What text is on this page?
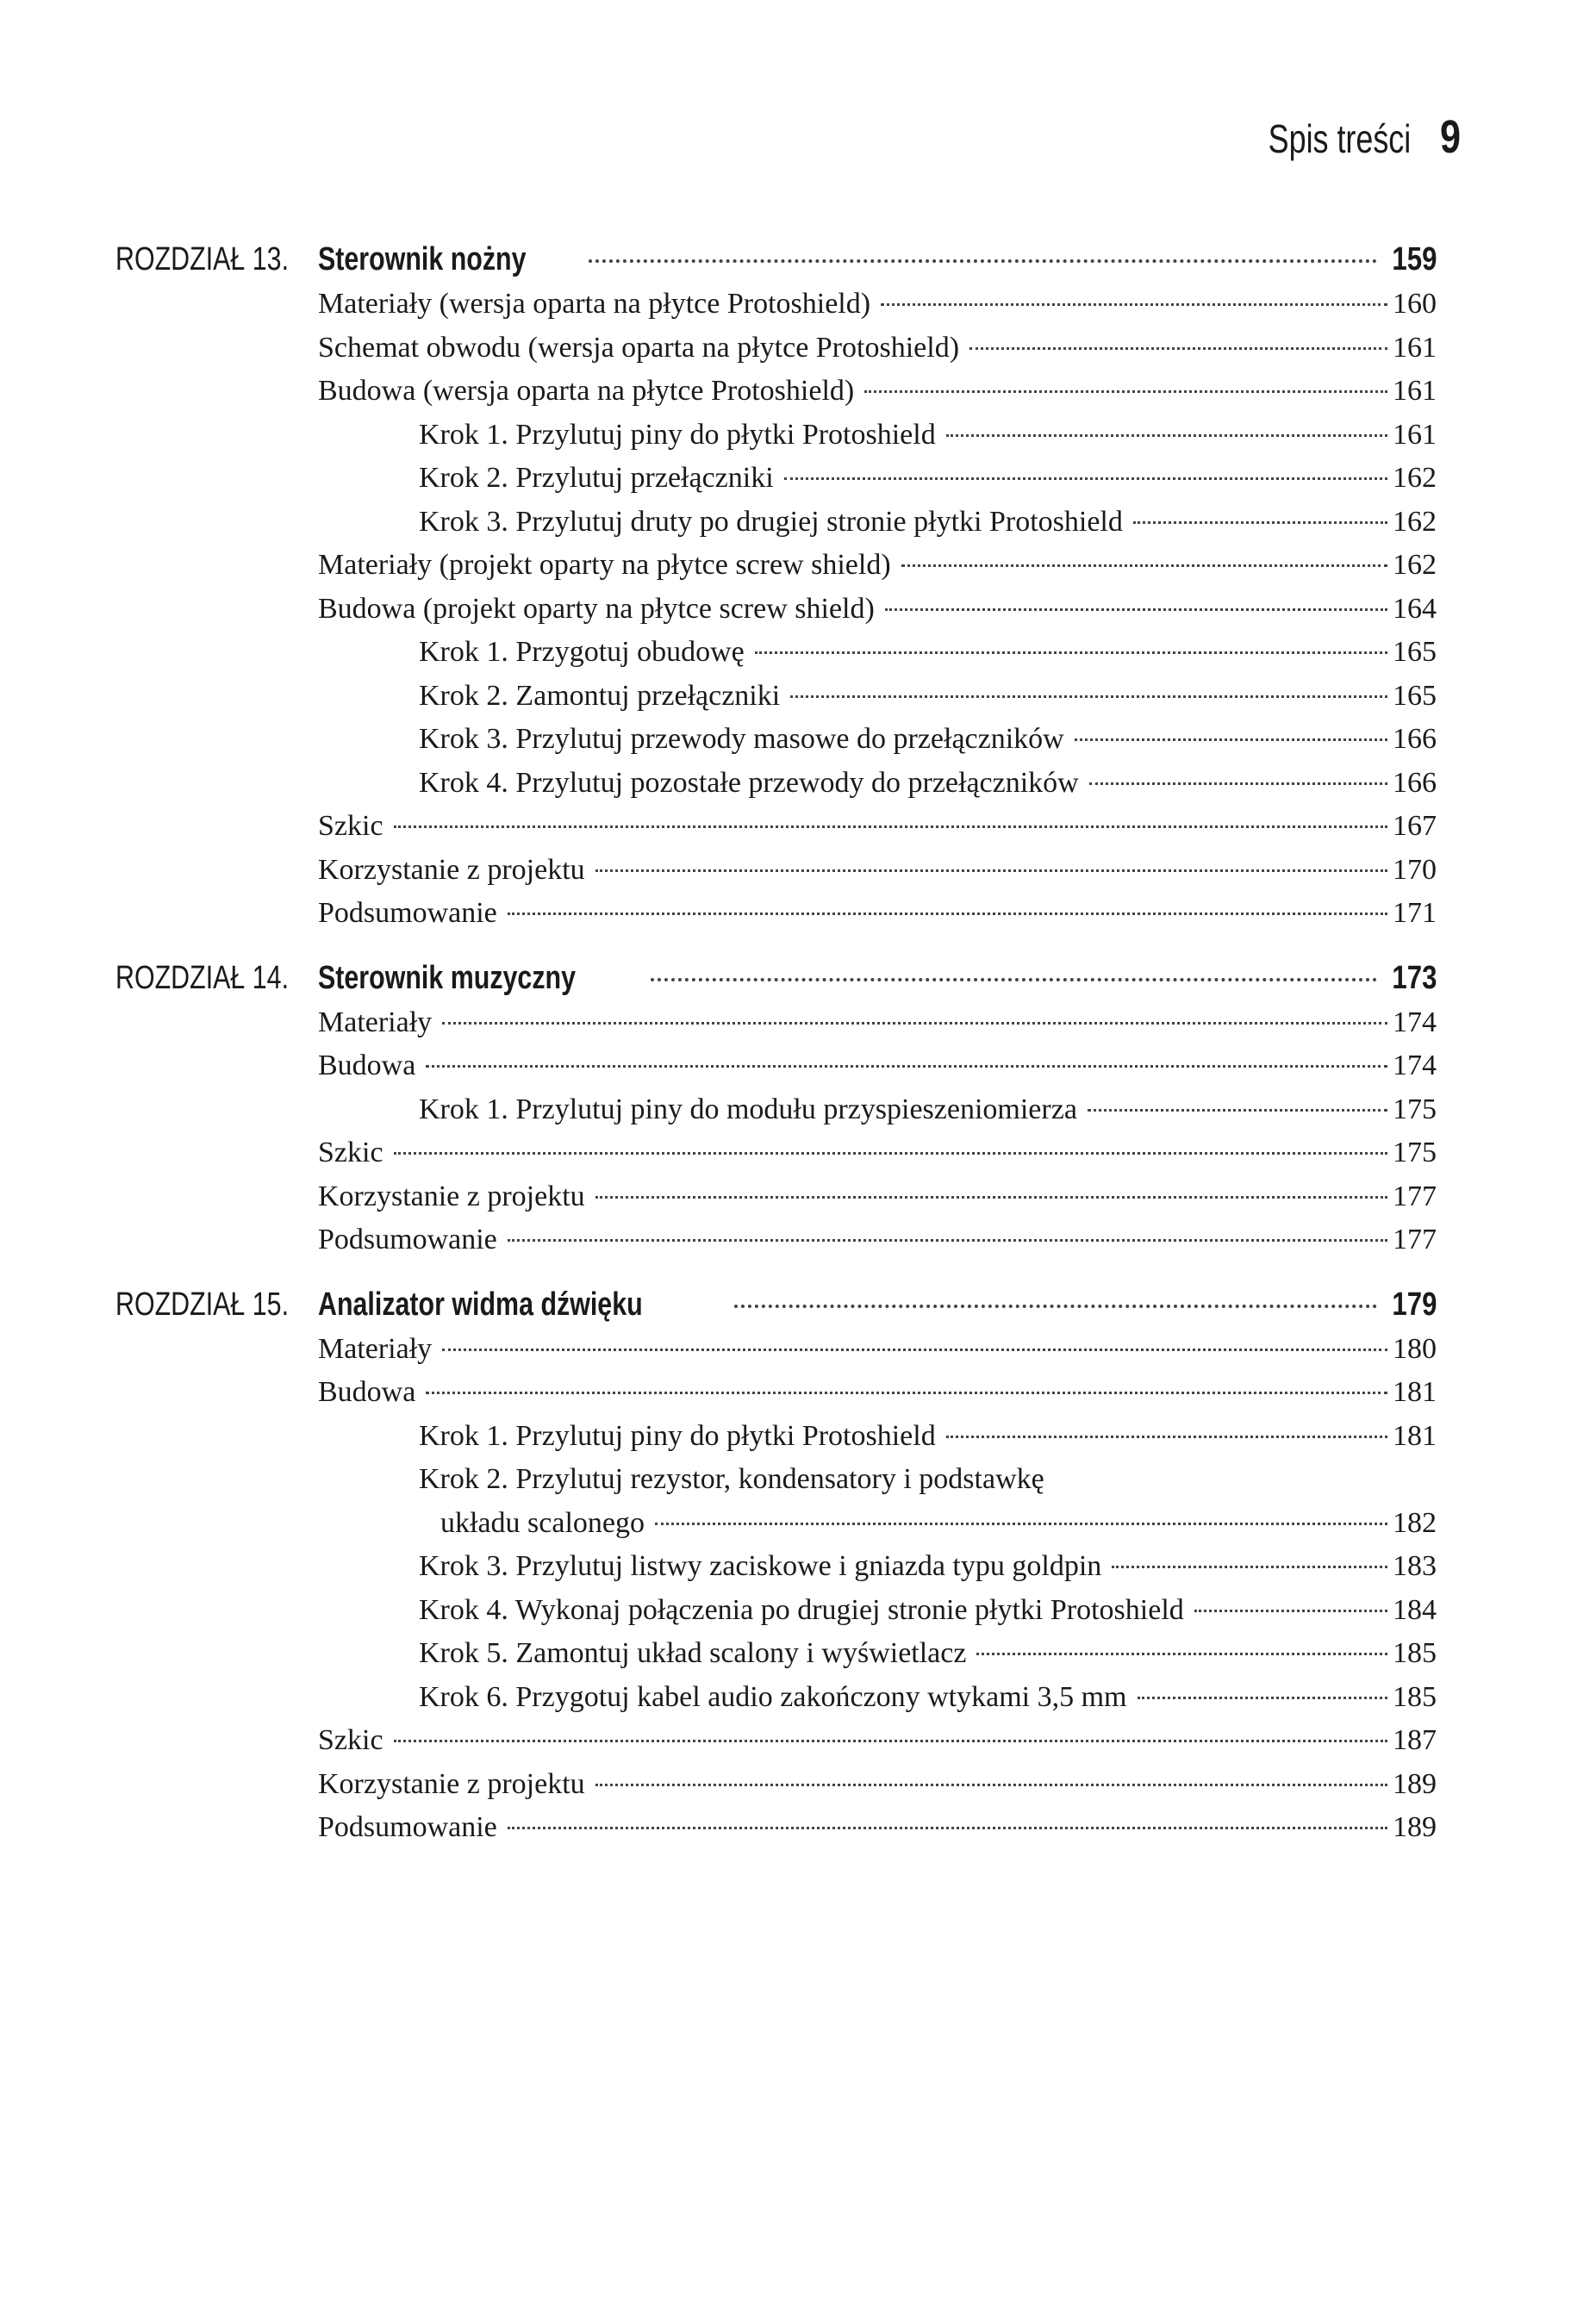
Spis treści 9
ROZDZIAŁ 13. Sterownik nożny	159
Materiały (wersja oparta na płytce Protoshield)	160
Schemat obwodu (wersja oparta na płytce Protoshield)	161
Budowa (wersja oparta na płytce Protoshield)	161
Krok 1. Przylutuj piny do płytki Protoshield	161
Krok 2. Przylutuj przełączniki	162
Krok 3. Przylutuj druty po drugiej stronie płytki Protoshield	162
Materiały (projekt oparty na płytce screw shield)	162
Budowa (projekt oparty na płytce screw shield)	164
Krok 1. Przygotuj obudowę	165
Krok 2. Zamontuj przełączniki	165
Krok 3. Przylutuj przewody masowe do przełączników	166
Krok 4. Przylutuj pozostałe przewody do przełączników	166
Szkic	167
Korzystanie z projektu	170
Podsumowanie	171
ROZDZIAŁ 14. Sterownik muzyczny	173
Materiały	174
Budowa	174
Krok 1. Przylutuj piny do modułu przyspieszeniomierza	175
Szkic	175
Korzystanie z projektu	177
Podsumowanie	177
ROZDZIAŁ 15. Analizator widma dźwięku	179
Materiały	180
Budowa	181
Krok 1. Przylutuj piny do płytki Protoshield	181
Krok 2. Przylutuj rezystor, kondensatory i podstawkę
układu scalonego	182
Krok 3. Przylutuj listwy zaciskowe i gniazda typu goldpin	183
Krok 4. Wykonaj połączenia po drugiej stronie płytki Protoshield	184
Krok 5. Zamontuj układ scalony i wyświetlacz	185
Krok 6. Przygotuj kabel audio zakończony wtykami 3,5 mm	185
Szkic	187
Korzystanie z projektu	189
Podsumowanie	189
